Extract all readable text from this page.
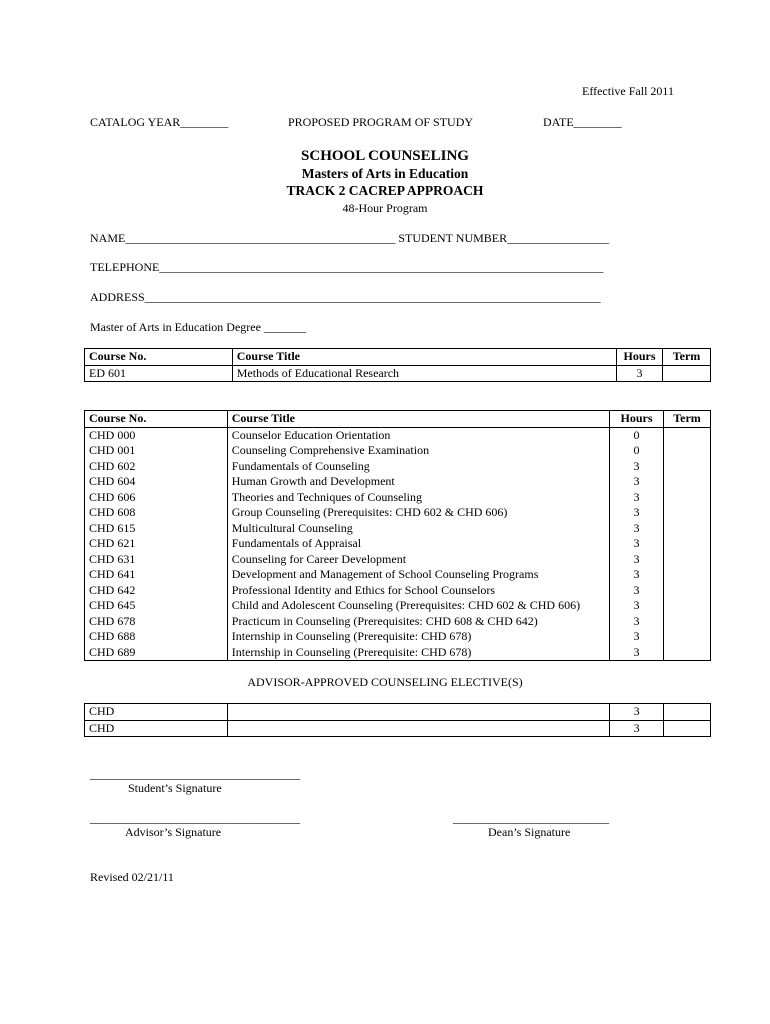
Effective Fall 2011
CATALOG YEAR________	PROPOSED PROGRAM OF STUDY	DATE________
SCHOOL COUNSELING
Masters of Arts in Education
TRACK 2 CACREP APPROACH
48-Hour Program
NAME_____________________________________________ STUDENT NUMBER_________________
TELEPHONE__________________________________________________________________________
ADDRESS____________________________________________________________________________
Master of Arts in Education Degree _______
Course No.	Course Title	Hours	Term
ED 601	Methods of Educational Research	3	
Course No.	Course Title	Hours	Term
CHD 000	Counselor Education Orientation	0	
CHD 001	Counseling Comprehensive Examination	0	
CHD 602	Fundamentals of Counseling	3	
CHD 604	Human Growth and Development	3	
CHD 606	Theories and Techniques of Counseling	3	
CHD 608	Group Counseling (Prerequisites: CHD 602 & CHD 606)	3	
CHD 615	Multicultural Counseling	3	
CHD 621	Fundamentals of Appraisal	3	
CHD 631	Counseling for Career Development	3	
CHD 641	Development and Management of School Counseling Programs	3	
CHD 642	Professional Identity and Ethics for School Counselors	3	
CHD 645	Child and Adolescent Counseling (Prerequisites: CHD 602 & CHD 606)	3	
CHD 678	Practicum in Counseling (Prerequisites: CHD 608 & CHD 642)	3	
CHD 688	Internship in Counseling (Prerequisite: CHD 678)	3	
CHD 689	Internship in Counseling (Prerequisite: CHD 678)	3	
ADVISOR-APPROVED COUNSELING ELECTIVE(S)
CHD		3	
CHD		3	
___________________________________
Student’s Signature
___________________________________
Advisor’s Signature
__________________________
Dean’s Signature
Revised 02/21/11
